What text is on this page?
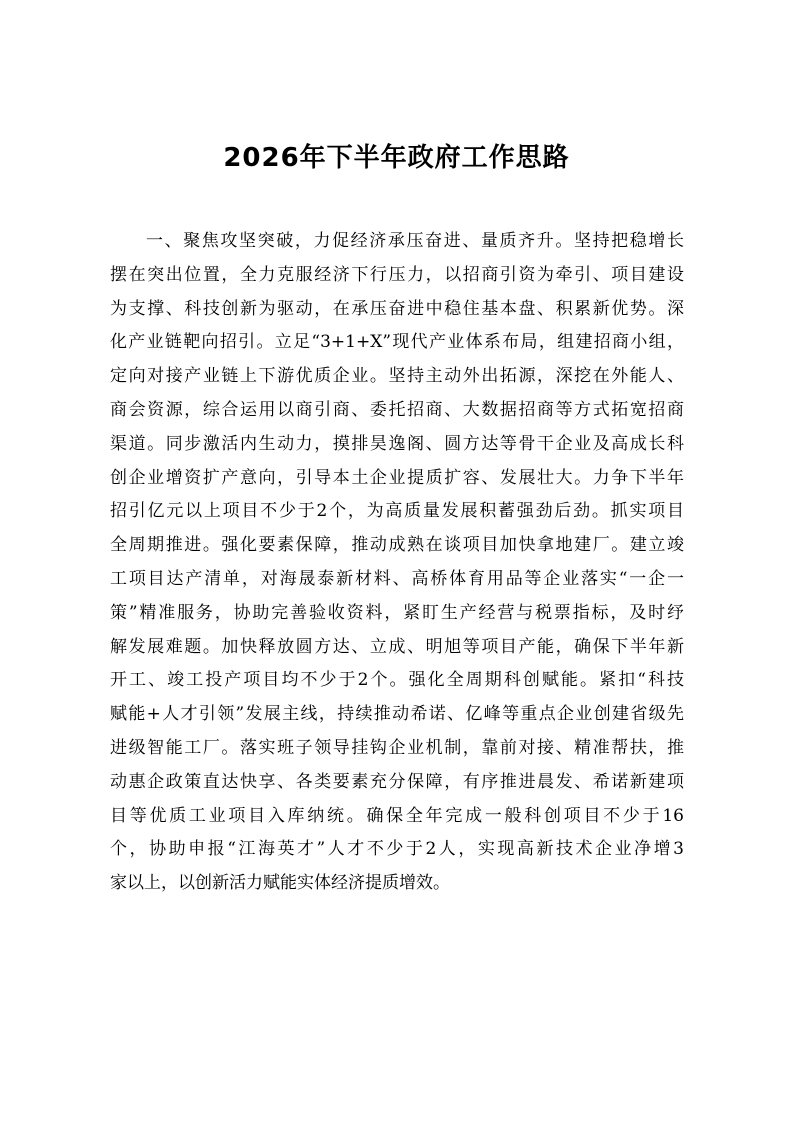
2026年下半年政府工作思路
一、聚焦攻坚突破，力促经济承压奋进、量质齐升。坚持把稳增长
摆在突出位置，全力克服经济下行压力，以招商引资为牵引、项目建设
为支撑、科技创新为驱动，在承压奋进中稳住基本盘、积累新优势。深
化产业链靶向招引。立足“3+1+X”现代产业体系布局，组建招商小组，
定向对接产业链上下游优质企业。坚持主动外出拓源，深挖在外能人、
商会资源，综合运用以商引商、委托招商、大数据招商等方式拓宽招商
渠道。同步激活内生动力，摸排昊逸阁、圆方达等骨干企业及高成长科
创企业增资扩产意向，引导本土企业提质扩容、发展壮大。力争下半年
招引亿元以上项目不少于2个，为高质量发展积蓄强劲后劲。抓实项目
全周期推进。强化要素保障，推动成熟在谈项目加快拿地建厂。建立竣
工项目达产清单，对海晟泰新材料、高桥体育用品等企业落实“一企一
策”精准服务，协助完善验收资料，紧盯生产经营与税票指标，及时纾
解发展难题。加快释放圆方达、立成、明旭等项目产能，确保下半年新
开工、竣工投产项目均不少于2个。强化全周期科创赋能。紧扣“科技
赋能+人才引领”发展主线，持续推动希诺、亿峰等重点企业创建省级先
进级智能工厂。落实班子领导挂钩企业机制，靠前对接、精准帮扶，推
动惠企政策直达快享、各类要素充分保障，有序推进晨发、希诺新建项
目等优质工业项目入库纳统。确保全年完成一般科创项目不少于16
个，协助申报“江海英才”人才不少于2人，实现高新技术企业净增3
家以上，以创新活力赋能实体经济提质增效。
